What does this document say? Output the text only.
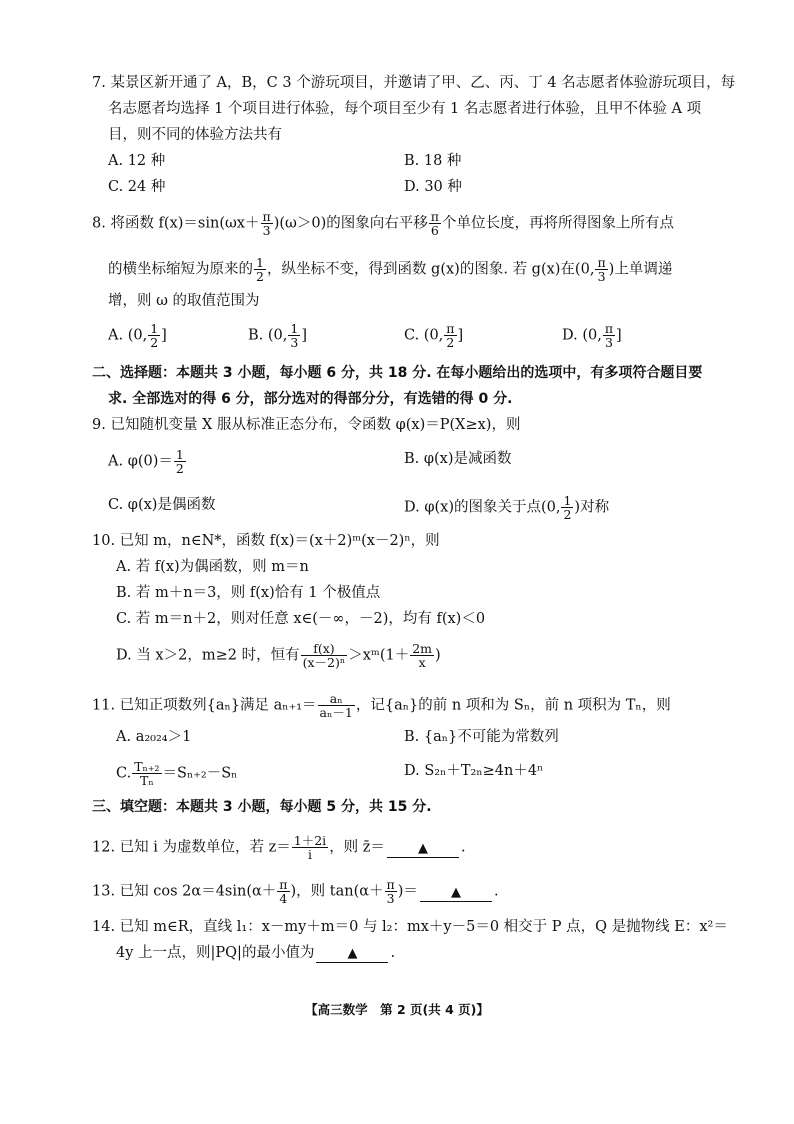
7. 某景区新开通了 A，B，C 3 个游玩项目，并邀请了甲、乙、丙、丁 4 名志愿者体验游玩项目，每
名志愿者均选择 1 个项目进行体验，每个项目至少有 1 名志愿者进行体验，且甲不体验 A 项
目，则不同的体验方法共有
A. 12 种	B. 18 种
C. 24 种	D. 30 种
8. 将函数 $f(x)=\sin(\omega x+ \frac{\pi}{3} )(\omega>0)$的图象向右平移 $\frac{\pi}{6}$ 个单位长度，再将所得图象上所有点
的横坐标缩短为原来的 $\frac{1}{2}$ ，纵坐标不变，得到函数 g(x)的图象. 若 g(x)在(0, $\frac{\pi}{3}$ )上单调递
增，则 ω 的取值范围为
A. (0, $\frac{1}{2}$ ]	B. (0, $\frac{1}{3}$ ]	C. (0, $\frac{\pi}{2}$ ]	D. (0, $\frac{\pi}{3}$ ]
二、选择题：本题共 3 小题，每小题 6 分，共 18 分. 在每小题给出的选项中，有多项符合题目要
求. 全部选对的得 6 分，部分选对的得部分分，有选错的得 0 分.
9. 已知随机变量 X 服从标准正态分布，令函数 φ(x)＝P(X≥x)，则
A. $\varphi(0)= \frac{1}{2}$	B. φ(x)是减函数
C. φ(x)是偶函数	D. φ(x)的图象关于点(0, $\frac{1}{2}$ )对称
10. 已知 m，n∈N*，函数 f(x)＝(x＋2)ᵐ(x－2)ⁿ，则
A. 若 f(x)为偶函数，则 m＝n
B. 若 m＋n＝3，则 f(x)恰有 1 个极值点
C. 若 m＝n＋2，则对任意 x∈(－∞，－2)，均有 f(x)＜0
D. 当 x＞2，m≥2 时，恒有 $\frac{f(x)}{\text{(x－2)ⁿ}}$ ＞xᵐ(1＋ $\frac{2m}{x}$ )
11. 已知正项数列{aₙ}满足 $a_{n+1}= \frac{\text{aₙ}}{\text{aₙ－1}}$ ，记{aₙ}的前 n 项和为 Sₙ，前 n 项积为 Tₙ，则
A. a₂₀₂₄＞1	B. {aₙ}不可能为常数列
C. $\frac{\text{Tₙ₊₂}}{\text{Tₙ}} =S_{n+2}-S_n$	D. S₂ₙ＋T₂ₙ≥4n＋4ⁿ
三、填空题：本题共 3 小题，每小题 5 分，共 15 分.
12. 已知 i 为虚数单位，若 $z= \frac{1+2i}{i}$ ，则 z̄＝	▲ .
13. 已知 $\cos 2\alpha=4\sin(\alpha+ \frac{\pi}{4}$ )，则 $\tan(\alpha+ \frac{\pi}{3}$ )＝	▲ .
14. 已知 m∈R，直线 l₁：x－my＋m＝0 与 l₂：mx＋y－5＝0 相交于 P 点，Q 是抛物线 E：x²＝
4y 上一点，则|PQ|的最小值为	▲ .
【高三数学　第 2 页(共 4 页)】
